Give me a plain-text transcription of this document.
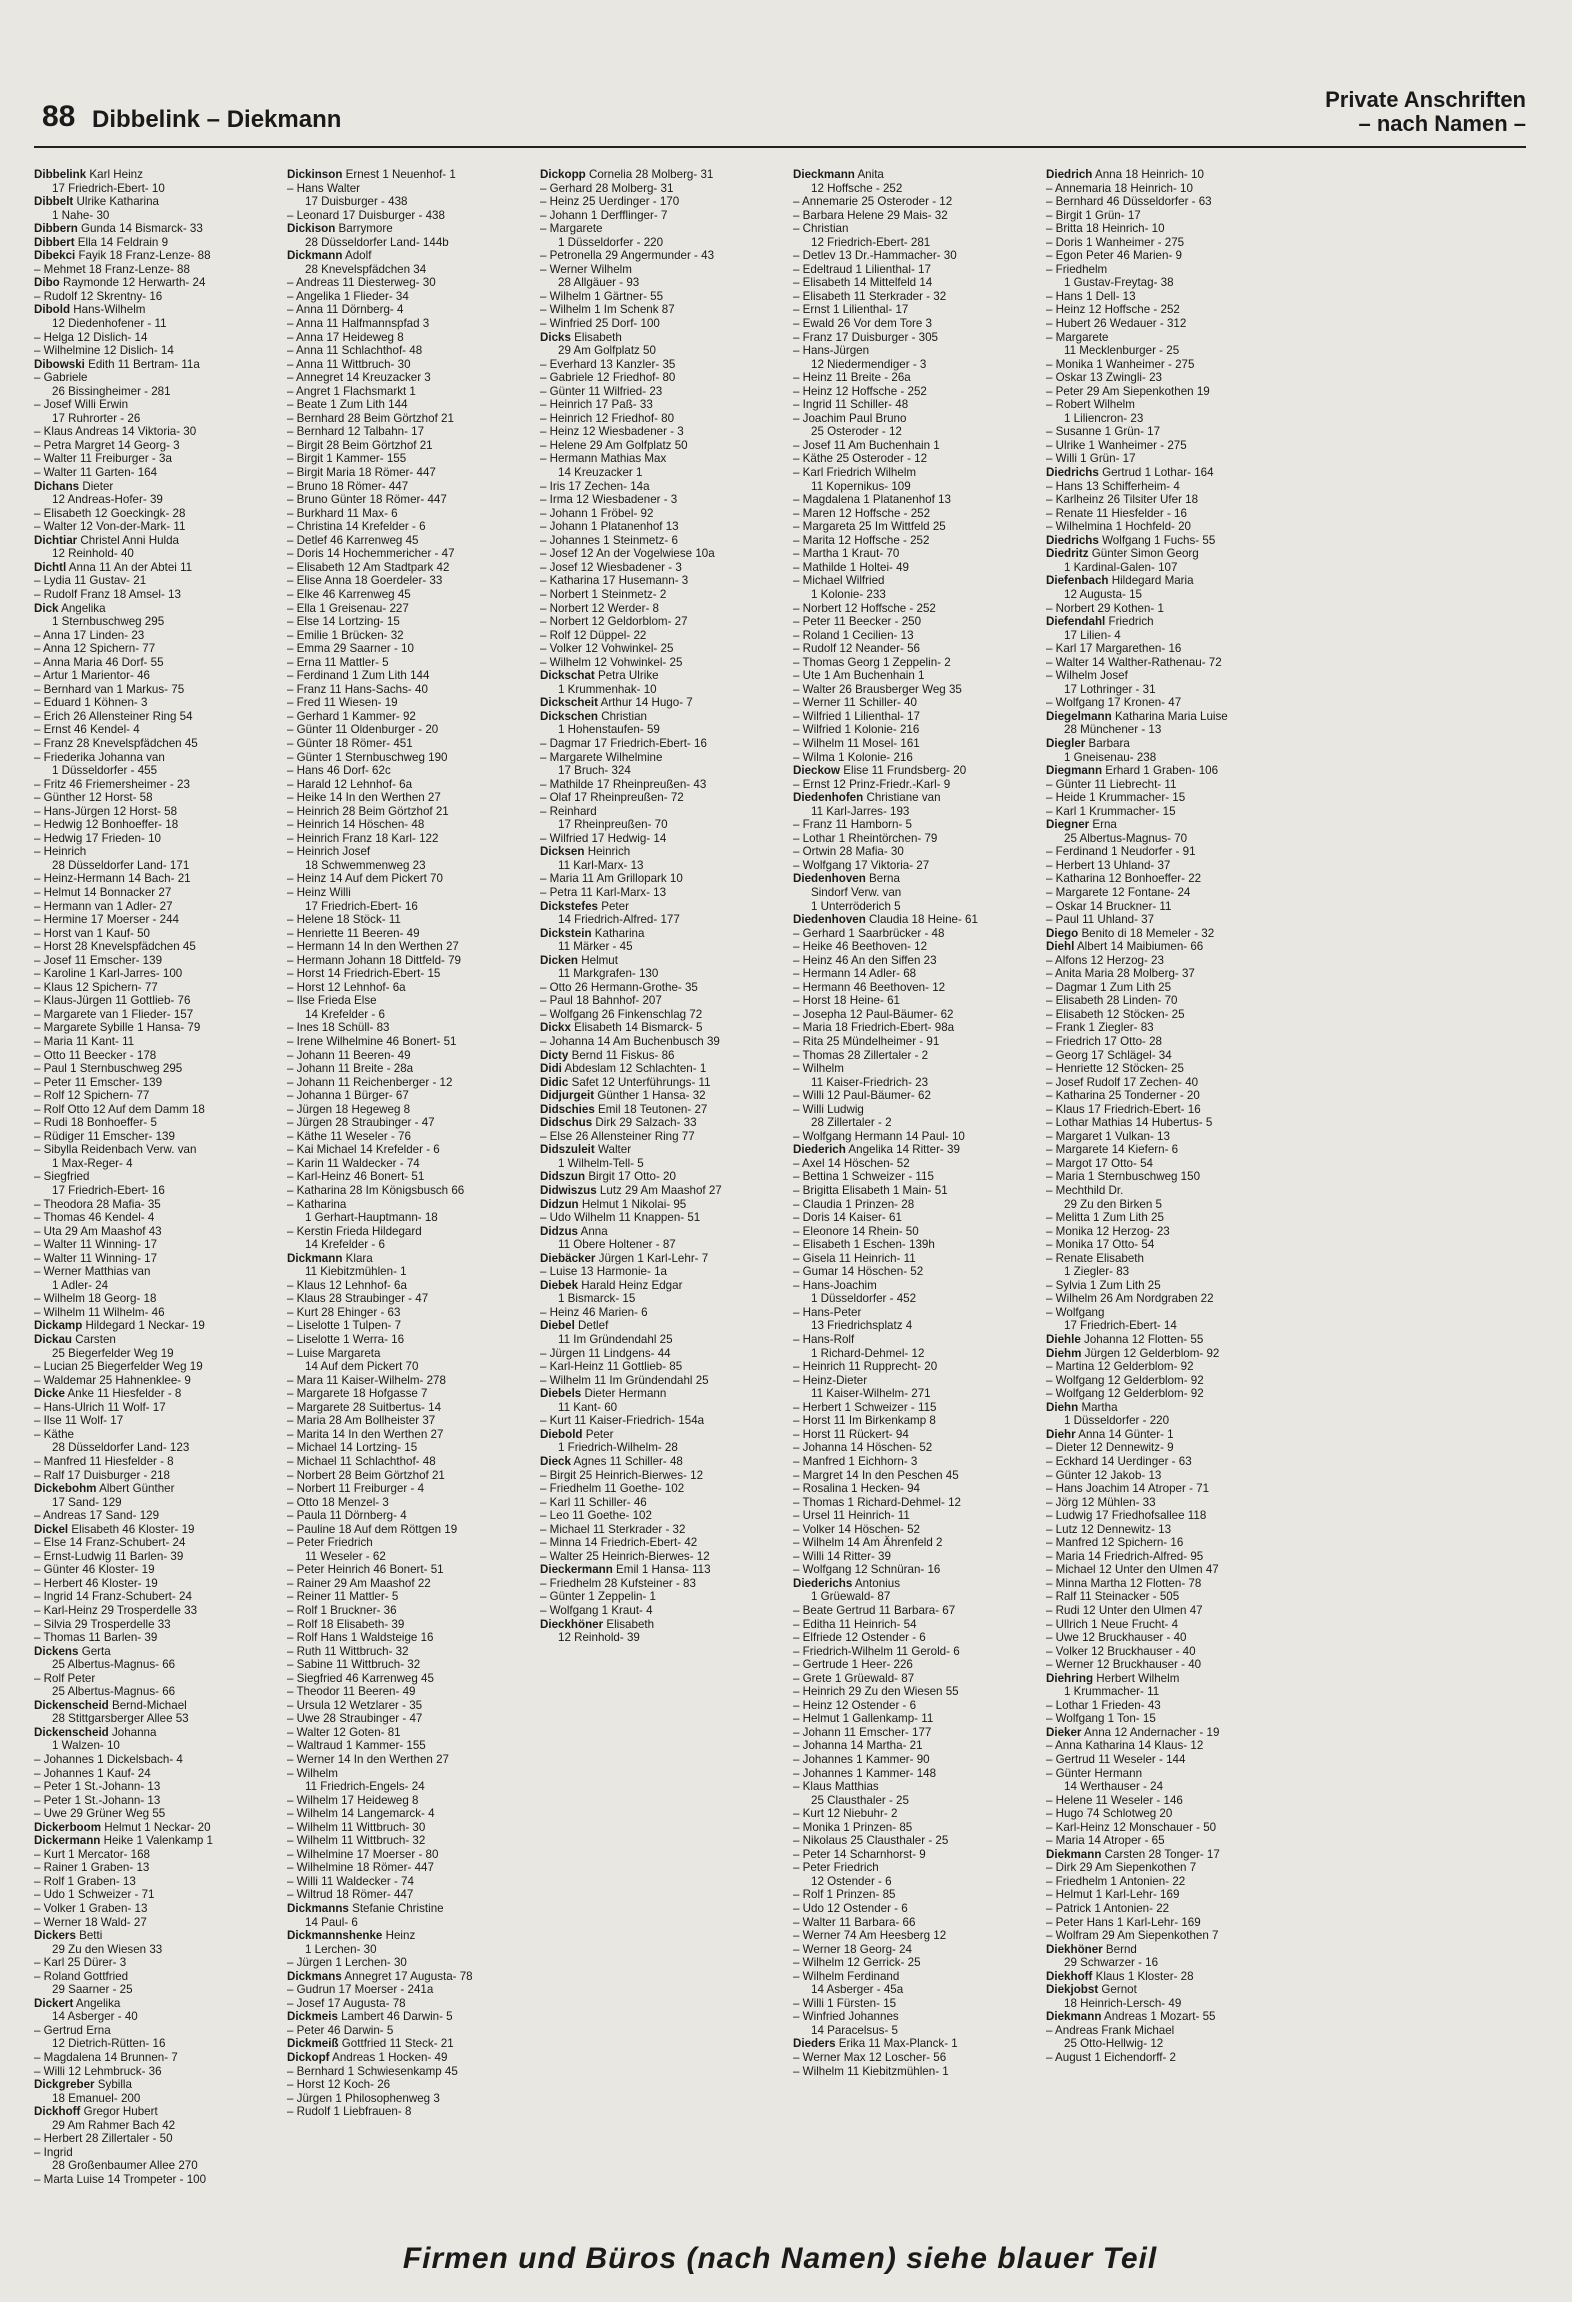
88 Dibbelink – Diekmann
Private Anschriften
– nach Namen –
Dibbelink Karl Heinz
17 Friedrich-Ebert- 10
Dibbelt Ulrike Katharina
1 Nahe- 30
Dibbern Gunda 14 Bismarck- 33
Dibbert Ella 14 Feldrain 9
Dibekci Fayik 18 Franz-Lenze- 88
– Mehmet 18 Franz-Lenze- 88
Dibo Raymonde 12 Herwarth- 24
– Rudolf 12 Skrentny- 16
Dibold Hans-Wilhelm
12 Diedenhofener - 11
– Helga 12 Dislich- 14
– Wilhelmine 12 Dislich- 14
Dibowski Edith 11 Bertram- 11a
– Gabriele
26 Bissingheimer - 281
– Josef Willi Erwin
17 Ruhrorter - 26
– Klaus Andreas 14 Viktoria- 30
– Petra Margret 14 Georg- 3
– Walter 11 Freiburger - 3a
– Walter 11 Garten- 164
Dichans Dieter
12 Andreas-Hofer- 39
– Elisabeth 12 Goeckingk- 28
– Walter 12 Von-der-Mark- 11
Dichtiar Christel Anni Hulda
12 Reinhold- 40
Dichtl Anna 11 An der Abtei 11
– Lydia 11 Gustav- 21
– Rudolf Franz 18 Amsel- 13
Dick Angelika
1 Sternbuschweg 295
– Anna 17 Linden- 23
– Anna 12 Spichern- 77
– Anna Maria 46 Dorf- 55
– Artur 1 Marientor- 46
– Bernhard van 1 Markus- 75
– Eduard 1 Köhnen- 3
– Erich 26 Allensteiner Ring 54
– Ernst 46 Kendel- 4
– Franz 28 Knevelspfädchen 45
– Friederika Johanna van
1 Düsseldorfer - 455
– Fritz 46 Friemersheimer - 23
– Günther 12 Horst- 58
– Hans-Jürgen 12 Horst- 58
– Hedwig 12 Bonhoeffer- 18
– Hedwig 17 Frieden- 10
– Heinrich
28 Düsseldorfer Land- 171
– Heinz-Hermann 14 Bach- 21
– Helmut 14 Bonnacker 27
– Hermann van 1 Adler- 27
– Hermine 17 Moerser - 244
– Horst van 1 Kauf- 50
– Horst 28 Knevelspfädchen 45
– Josef 11 Emscher- 139
– Karoline 1 Karl-Jarres- 100
– Klaus 12 Spichern- 77
– Klaus-Jürgen 11 Gottlieb- 76
– Margarete van 1 Flieder- 157
– Margarete Sybille 1 Hansa- 79
– Maria 11 Kant- 11
– Otto 11 Beecker - 178
– Paul 1 Sternbuschweg 295
– Peter 11 Emscher- 139
– Rolf 12 Spichern- 77
– Rolf Otto 12 Auf dem Damm 18
– Rudi 18 Bonhoeffer- 5
– Rüdiger 11 Emscher- 139
– Sibylla Reidenbach Verw. van
1 Max-Reger- 4
– Siegfried
17 Friedrich-Ebert- 16
– Theodora 28 Mafia- 35
– Thomas 46 Kendel- 4
– Uta 29 Am Maashof 43
– Walter 11 Winning- 17
– Walter 11 Winning- 17
– Werner Matthias van
1 Adler- 24
– Wilhelm 18 Georg- 18
– Wilhelm 11 Wilhelm- 46
Dickamp Hildegard 1 Neckar- 19
Dickau Carsten
25 Biegerfelder Weg 19
– Lucian 25 Biegerfelder Weg 19
– Waldemar 25 Hahnenklee- 9
Dicke Anke 11 Hiesfelder - 8
– Hans-Ulrich 11 Wolf- 17
– Ilse 11 Wolf- 17
– Käthe
28 Düsseldorfer Land- 123
– Manfred 11 Hiesfelder - 8
– Ralf 17 Duisburger - 218
Dickebohm Albert Günther
17 Sand- 129
– Andreas 17 Sand- 129
Dickel Elisabeth 46 Kloster- 19
– Else 14 Franz-Schubert- 24
– Ernst-Ludwig 11 Barlen- 39
– Günter 46 Kloster- 19
– Herbert 46 Kloster- 19
– Ingrid 14 Franz-Schubert- 24
– Karl-Heinz 29 Trosperdelle 33
– Silvia 29 Trosperdelle 33
– Thomas 11 Barlen- 39
Dickens Gerta
25 Albertus-Magnus- 66
– Rolf Peter
25 Albertus-Magnus- 66
Dickenscheid Bernd-Michael
28 Stittgarsberger Allee 53
Dickenscheid Johanna
1 Walzen- 10
– Johannes 1 Dickelsbach- 4
– Johannes 1 Kauf- 24
– Peter 1 St.-Johann- 13
– Peter 1 St.-Johann- 13
– Uwe 29 Grüner Weg 55
Dickerboom Helmut 1 Neckar- 20
Dickermann Heike 1 Valenkamp 1
– Kurt 1 Mercator- 168
– Rainer 1 Graben- 13
– Rolf 1 Graben- 13
– Udo 1 Schweizer - 71
– Volker 1 Graben- 13
– Werner 18 Wald- 27
Dickers Betti
29 Zu den Wiesen 33
– Karl 25 Dürer- 3
– Roland Gottfried
29 Saarner - 25
Dickert Angelika
14 Asberger - 40
– Gertrud Erna
12 Dietrich-Rütten- 16
– Magdalena 14 Brunnen- 7
– Willi 12 Lehmbruck- 36
Dickgreber Sybilla
18 Emanuel- 200
Dickhoff Gregor Hubert
29 Am Rahmer Bach 42
– Herbert 28 Zillertaler - 50
– Ingrid
28 Großenbaumer Allee 270
– Marta Luise 14 Trompeter - 100
Dickinson Ernest 1 Neuenhof- 1
– Hans Walter
17 Duisburger - 438
– Leonard 17 Duisburger - 438
Dickison Barrymore
28 Düsseldorfer Land- 144b
Dickmann Adolf
28 Knevelspfädchen 34
– Andreas 11 Diesterweg- 30
– Angelika 1 Flieder- 34
– Anna 11 Dörnberg- 4
– Anna 11 Halfmannspfad 3
– Anna 17 Heideweg 8
– Anna 11 Schlachthof- 48
– Anna 11 Wittbruch- 30
– Annegret 14 Kreuzacker 3
– Angret 1 Flachsmarkt 1
– Beate 1 Zum Lith 144
– Bernhard 28 Beim Görtzhof 21
– Bernhard 12 Talbahn- 17
– Birgit 28 Beim Görtzhof 21
– Birgit 1 Kammer- 155
– Birgit Maria 18 Römer- 447
– Bruno 18 Römer- 447
– Bruno Günter 18 Römer- 447
– Burkhard 11 Max- 6
– Christina 14 Krefelder - 6
– Detlef 46 Karrenweg 45
– Doris 14 Hochemmericher - 47
– Elisabeth 12 Am Stadtpark 42
– Elise Anna 18 Goerdeler- 33
– Elke 46 Karrenweg 45
– Ella 1 Greisenau- 227
– Else 14 Lortzing- 15
– Emilie 1 Brücken- 32
– Emma 29 Saarner - 10
– Erna 11 Mattler- 5
– Ferdinand 1 Zum Lith 144
– Franz 11 Hans-Sachs- 40
– Fred 11 Wiesen- 19
– Gerhard 1 Kammer- 92
– Günter 11 Oldenburger - 20
– Günter 18 Römer- 451
– Günter 1 Sternbuschweg 190
– Hans 46 Dorf- 62c
– Harald 12 Lehnhof- 6a
– Heike 14 In den Werthen 27
– Heinrich 28 Beim Görtzhof 21
– Heinrich 14 Höschen- 48
– Heinrich Franz 18 Karl- 122
– Heinrich Josef
18 Schwemmenweg 23
– Heinz 14 Auf dem Pickert 70
– Heinz Willi
17 Friedrich-Ebert- 16
– Helene 18 Stöck- 11
– Henriette 11 Beeren- 49
– Hermann 14 In den Werthen 27
– Hermann Johann 18 Dittfeld- 79
– Horst 14 Friedrich-Ebert- 15
– Horst 12 Lehnhof- 6a
– Ilse Frieda Else
14 Krefelder - 6
– Ines 18 Schüll- 83
– Irene Wilhelmine 46 Bonert- 51
– Johann 11 Beeren- 49
– Johann 11 Breite - 28a
– Johann 11 Reichenberger - 12
– Johanna 1 Bürger- 67
– Jürgen 18 Hegeweg 8
– Jürgen 28 Straubinger - 47
– Käthe 11 Weseler - 76
– Kai Michael 14 Krefelder - 6
– Karin 11 Waldecker - 74
– Karl-Heinz 46 Bonert- 51
– Katharina 28 Im Königsbusch 66
– Katharina
1 Gerhart-Hauptmann- 18
– Kerstin Frieda Hildegard
14 Krefelder - 6
Dickmann Klara
11 Kiebitzmühlen- 1
– Klaus 12 Lehnhof- 6a
– Klaus 28 Straubinger - 47
– Kurt 28 Ehinger - 63
– Liselotte 1 Tulpen- 7
– Liselotte 1 Werra- 16
– Luise Margareta
14 Auf dem Pickert 70
– Mara 11 Kaiser-Wilhelm- 278
– Margarete 18 Hofgasse 7
– Margarete 28 Suitbertus- 14
– Maria 28 Am Bollheister 37
– Marita 14 In den Werthen 27
– Michael 14 Lortzing- 15
– Michael 11 Schlachthof- 48
– Norbert 28 Beim Görtzhof 21
– Norbert 11 Freiburger - 4
– Otto 18 Menzel- 3
– Paula 11 Dörnberg- 4
– Pauline 18 Auf dem Röttgen 19
– Peter Friedrich
11 Weseler - 62
– Peter Heinrich 46 Bonert- 51
– Rainer 29 Am Maashof 22
– Reiner 11 Mattler- 5
– Rolf 1 Bruckner- 36
– Rolf 18 Elisabeth- 39
– Rolf Hans 1 Waldsteige 16
– Ruth 11 Wittbruch- 32
– Sabine 11 Wittbruch- 32
– Siegfried 46 Karrenweg 45
– Theodor 11 Beeren- 49
– Ursula 12 Wetzlarer - 35
– Uwe 28 Straubinger - 47
– Walter 12 Goten- 81
– Waltraud 1 Kammer- 155
– Werner 14 In den Werthen 27
– Wilhelm
11 Friedrich-Engels- 24
– Wilhelm 17 Heideweg 8
– Wilhelm 14 Langemarck- 4
– Wilhelm 11 Wittbruch- 30
– Wilhelm 11 Wittbruch- 32
– Wilhelmine 17 Moerser - 80
– Wilhelmine 18 Römer- 447
– Willi 11 Waldecker - 74
– Wiltrud 18 Römer- 447
Dickmanns Stefanie Christine
14 Paul- 6
Dickmannshenke Heinz
1 Lerchen- 30
– Jürgen 1 Lerchen- 30
Dickmans Annegret 17 Augusta- 78
– Gudrun 17 Moerser - 241a
– Josef 17 Augusta- 78
Dickmeis Lambert 46 Darwin- 5
– Peter 46 Darwin- 5
Dickmeiß Gottfried 11 Steck- 21
Dickopf Andreas 1 Hocken- 49
– Bernhard 1 Schwiesenkamp 45
– Horst 12 Koch- 26
– Jürgen 1 Philosophenweg 3
– Rudolf 1 Liebfrauen- 8
Dickopp Cornelia 28 Molberg- 31
– Gerhard 28 Molberg- 31
– Heinz 25 Uerdinger - 170
– Johann 1 Derfflinger- 7
– Margarete
1 Düsseldorfer - 220
– Petronella 29 Angermunder - 43
– Werner Wilhelm
28 Allgäuer - 93
– Wilhelm 1 Gärtner- 55
– Wilhelm 1 Im Schenk 87
– Winfried 25 Dorf- 100
Dicks Elisabeth
29 Am Golfplatz 50
– Everhard 13 Kanzler- 35
– Gabriele 12 Friedhof- 80
– Günter 11 Wilfried- 23
– Heinrich 17 Paß- 33
– Heinrich 12 Friedhof- 80
– Heinz 12 Wiesbadener - 3
– Helene 29 Am Golfplatz 50
– Hermann Mathias Max
14 Kreuzacker 1
– Iris 17 Zechen- 14a
– Irma 12 Wiesbadener - 3
– Johann 1 Fröbel- 92
– Johann 1 Platanenhof 13
– Johannes 1 Steinmetz- 6
– Josef 12 An der Vogelwiese 10a
– Josef 12 Wiesbadener - 3
– Katharina 17 Husemann- 3
– Norbert 1 Steinmetz- 2
– Norbert 12 Werder- 8
– Norbert 12 Geldorblom- 27
– Rolf 12 Düppel- 22
– Volker 12 Vohwinkel- 25
– Wilhelm 12 Vohwinkel- 25
Dickschat Petra Ulrike
1 Krummenhak- 10
Dickscheit Arthur 14 Hugo- 7
Dickschen Christian
1 Hohenstaufen- 59
– Dagmar 17 Friedrich-Ebert- 16
– Margarete Wilhelmine
17 Bruch- 324
– Mathilde 17 Rheinpreußen- 43
– Olaf 17 Rheinpreußen- 72
– Reinhard
17 Rheinpreußen- 70
– Wilfried 17 Hedwig- 14
Dicksen Heinrich
11 Karl-Marx- 13
– Maria 11 Am Grillopark 10
– Petra 11 Karl-Marx- 13
Dickstefes Peter
14 Friedrich-Alfred- 177
Dickstein Katharina
11 Märker - 45
Dicken Helmut
11 Markgrafen- 130
– Otto 26 Hermann-Grothe- 35
– Paul 18 Bahnhof- 207
– Wolfgang 26 Finkenschlag 72
Dickx Elisabeth 14 Bismarck- 5
– Johanna 14 Am Buchenbusch 39
Dicty Bernd 11 Fiskus- 86
Didi Abdeslam 12 Schlachten- 1
Didic Safet 12 Unterführungs- 11
Didjurgeit Günther 1 Hansa- 32
Didschies Emil 18 Teutonen- 27
Didschus Dirk 29 Salzach- 33
– Else 26 Allensteiner Ring 77
Didszuleit Walter
1 Wilhelm-Tell- 5
Didszun Birgit 17 Otto- 20
Didwiszus Lutz 29 Am Maashof 27
Didzun Helmut 1 Nikolai- 95
– Udo Wilhelm 11 Knappen- 51
Didzus Anna
11 Obere Holtener - 87
Diebäcker Jürgen 1 Karl-Lehr- 7
– Luise 13 Harmonie- 1a
Diebek Harald Heinz Edgar
1 Bismarck- 15
– Heinz 46 Marien- 6
Diebel Detlef
11 Im Gründendahl 25
– Jürgen 11 Lindgens- 44
– Karl-Heinz 11 Gottlieb- 85
– Wilhelm 11 Im Gründendahl 25
Diebels Dieter Hermann
11 Kant- 60
– Kurt 11 Kaiser-Friedrich- 154a
Diebold Peter
1 Friedrich-Wilhelm- 28
Dieck Agnes 11 Schiller- 48
– Birgit 25 Heinrich-Bierwes- 12
– Friedhelm 11 Goethe- 102
– Karl 11 Schiller- 46
– Leo 11 Goethe- 102
– Michael 11 Sterkrader - 32
– Minna 14 Friedrich-Ebert- 42
– Walter 25 Heinrich-Bierwes- 12
Dieckermann Emil 1 Hansa- 113
– Friedhelm 28 Kufsteiner - 83
– Günter 1 Zeppelin- 1
– Wolfgang 1 Kraut- 4
Dieckhöner Elisabeth
12 Reinhold- 39
Dieckmann Anita
12 Hoffsche - 252
– Annemarie 25 Osteroder - 12
– Barbara Helene 29 Mais- 32
– Christian
12 Friedrich-Ebert- 281
– Detlev 13 Dr.-Hammacher- 30
– Edeltraud 1 Lilienthal- 17
– Elisabeth 14 Mittelfeld 14
– Elisabeth 11 Sterkrader - 32
– Ernst 1 Lilienthal- 17
– Ewald 26 Vor dem Tore 3
– Franz 17 Duisburger - 305
– Hans-Jürgen
12 Niedermendiger - 3
– Heinz 11 Breite - 26a
– Heinz 12 Hoffsche - 252
– Ingrid 11 Schiller- 48
– Joachim Paul Bruno
25 Osteroder - 12
– Josef 11 Am Buchenhain 1
– Käthe 25 Osteroder - 12
– Karl Friedrich Wilhelm
11 Kopernikus- 109
– Magdalena 1 Platanenhof 13
– Maren 12 Hoffsche - 252
– Margareta 25 Im Wittfeld 25
– Marita 12 Hoffsche - 252
– Martha 1 Kraut- 70
– Mathilde 1 Holtei- 49
– Michael Wilfried
1 Kolonie- 233
– Norbert 12 Hoffsche - 252
– Peter 11 Beecker - 250
– Roland 1 Cecilien- 13
– Rudolf 12 Neander- 56
– Thomas Georg 1 Zeppelin- 2
– Ute 1 Am Buchenhain 1
– Walter 26 Brausberger Weg 35
– Werner 11 Schiller- 40
– Wilfried 1 Lilienthal- 17
– Wilfried 1 Kolonie- 216
– Wilhelm 11 Mosel- 161
– Wilma 1 Kolonie- 216
Dieckow Elise 11 Frundsberg- 20
– Ernst 12 Prinz-Friedr.-Karl- 9
Diedenhofen Christiane van
11 Karl-Jarres- 193
– Franz 11 Hamborn- 5
– Lothar 1 Rheintörchen- 79
– Ortwin 28 Mafia- 30
– Wolfgang 17 Viktoria- 27
Diedenhoven Berna
Sindorf Verw. van
1 Unterröderich 5
Diedenhoven Claudia 18 Heine- 61
– Gerhard 1 Saarbrücker - 48
– Heike 46 Beethoven- 12
– Heinz 46 An den Siffen 23
– Hermann 14 Adler- 68
– Hermann 46 Beethoven- 12
– Horst 18 Heine- 61
– Josepha 12 Paul-Bäumer- 62
– Maria 18 Friedrich-Ebert- 98a
– Rita 25 Mündelheimer - 91
– Thomas 28 Zillertaler - 2
– Wilhelm
11 Kaiser-Friedrich- 23
– Willi 12 Paul-Bäumer- 62
– Willi Ludwig
28 Zillertaler - 2
– Wolfgang Hermann 14 Paul- 10
Diederich Angelika 14 Ritter- 39
– Axel 14 Höschen- 52
– Bettina 1 Schweizer - 115
– Brigitta Elisabeth 1 Main- 51
– Claudia 1 Prinzen- 28
– Doris 14 Kaiser- 61
– Eleonore 14 Rhein- 50
– Elisabeth 1 Eschen- 139h
– Gisela 11 Heinrich- 11
– Gumar 14 Höschen- 52
– Hans-Joachim
1 Düsseldorfer - 452
– Hans-Peter
13 Friedrichsplatz 4
– Hans-Rolf
1 Richard-Dehmel- 12
– Heinrich 11 Rupprecht- 20
– Heinz-Dieter
11 Kaiser-Wilhelm- 271
– Herbert 1 Schweizer - 115
– Horst 11 Im Birkenkamp 8
– Horst 11 Rückert- 94
– Johanna 14 Höschen- 52
– Manfred 1 Eichhorn- 3
– Margret 14 In den Peschen 45
– Rosalina 1 Hecken- 94
– Thomas 1 Richard-Dehmel- 12
– Ursel 11 Heinrich- 11
– Volker 14 Höschen- 52
– Wilhelm 14 Am Ährenfeld 2
– Willi 14 Ritter- 39
– Wolfgang 12 Schnüran- 16
Diederichs Antonius
1 Grüewald- 87
– Beate Gertrud 11 Barbara- 67
– Editha 11 Heinrich- 54
– Elfriede 12 Ostender - 6
– Friedrich-Wilhelm 11 Gerold- 6
– Gertrude 1 Heer- 226
– Grete 1 Grüewald- 87
– Heinrich 29 Zu den Wiesen 55
– Heinz 12 Ostender - 6
– Helmut 1 Gallenkamp- 11
– Johann 11 Emscher- 177
– Johanna 14 Martha- 21
– Johannes 1 Kammer- 90
– Johannes 1 Kammer- 148
– Klaus Matthias
25 Clausthaler - 25
– Kurt 12 Niebuhr- 2
– Monika 1 Prinzen- 85
– Nikolaus 25 Clausthaler - 25
– Peter 14 Scharnhorst- 9
– Peter Friedrich
12 Ostender - 6
– Rolf 1 Prinzen- 85
– Udo 12 Ostender - 6
– Walter 11 Barbara- 66
– Werner 74 Am Heesberg 12
– Werner 18 Georg- 24
– Wilhelm 12 Gerrick- 25
– Wilhelm Ferdinand
14 Asberger - 45a
– Willi 1 Fürsten- 15
– Winfried Johannes
14 Paracelsus- 5
Dieders Erika 11 Max-Planck- 1
– Werner Max 12 Loscher- 56
– Wilhelm 11 Kiebitzmühlen- 1
Diedrich Anna 18 Heinrich- 10
– Annemaria 18 Heinrich- 10
– Bernhard 46 Düsseldorfer - 63
– Birgit 1 Grün- 17
– Britta 18 Heinrich- 10
– Doris 1 Wanheimer - 275
– Egon Peter 46 Marien- 9
– Friedhelm
1 Gustav-Freytag- 38
– Hans 1 Dell- 13
– Heinz 12 Hoffsche - 252
– Hubert 26 Wedauer - 312
– Margarete
11 Mecklenburger - 25
– Monika 1 Wanheimer - 275
– Oskar 13 Zwingli- 23
– Peter 29 Am Siepenkothen 19
– Robert Wilhelm
1 Liliencron- 23
– Susanne 1 Grün- 17
– Ulrike 1 Wanheimer - 275
– Willi 1 Grün- 17
Diedrichs Gertrud 1 Lothar- 164
– Hans 13 Schifferheim- 4
– Karlheinz 26 Tilsiter Ufer 18
– Renate 11 Hiesfelder - 16
– Wilhelmina 1 Hochfeld- 20
Diedrichs Wolfgang 1 Fuchs- 55
Diedritz Günter Simon Georg
1 Kardinal-Galen- 107
Diefenbach Hildegard Maria
12 Augusta- 15
– Norbert 29 Kothen- 1
Diefendahl Friedrich
17 Lilien- 4
– Karl 17 Margarethen- 16
– Walter 14 Walther-Rathenau- 72
– Wilhelm Josef
17 Lothringer - 31
– Wolfgang 17 Kronen- 47
Diegelmann Katharina Maria Luise
28 Münchener - 13
Diegler Barbara
1 Gneisenau- 238
Diegmann Erhard 1 Graben- 106
– Günter 11 Liebrecht- 11
– Heide 1 Krummacher- 15
– Karl 1 Krummacher- 15
Diegner Erna
25 Albertus-Magnus- 70
– Ferdinand 1 Neudorfer - 91
– Herbert 13 Uhland- 37
– Katharina 12 Bonhoeffer- 22
– Margarete 12 Fontane- 24
– Oskar 14 Bruckner- 11
– Paul 11 Uhland- 37
Diego Benito di 18 Memeler - 32
Diehl Albert 14 Maibiumen- 66
– Alfons 12 Herzog- 23
– Anita Maria 28 Molberg- 37
– Dagmar 1 Zum Lith 25
– Elisabeth 28 Linden- 70
– Elisabeth 12 Stöcken- 25
– Frank 1 Ziegler- 83
– Friedrich 17 Otto- 28
– Georg 17 Schlägel- 34
– Henriette 12 Stöcken- 25
– Josef Rudolf 17 Zechen- 40
– Katharina 25 Tonderner - 20
– Klaus 17 Friedrich-Ebert- 16
– Lothar Mathias 14 Hubertus- 5
– Margaret 1 Vulkan- 13
– Margarete 14 Kiefern- 6
– Margot 17 Otto- 54
– Maria 1 Sternbuschweg 150
– Mechthild Dr.
29 Zu den Birken 5
– Melitta 1 Zum Lith 25
– Monika 12 Herzog- 23
– Monika 17 Otto- 54
– Renate Elisabeth
1 Ziegler- 83
– Sylvia 1 Zum Lith 25
– Wilhelm 26 Am Nordgraben 22
– Wolfgang
17 Friedrich-Ebert- 14
Diehle Johanna 12 Flotten- 55
Diehm Jürgen 12 Gelderblom- 92
– Martina 12 Gelderblom- 92
– Wolfgang 12 Gelderblom- 92
– Wolfgang 12 Gelderblom- 92
Diehn Martha
1 Düsseldorfer - 220
Diehr Anna 14 Günter- 1
– Dieter 12 Dennewitz- 9
– Eckhard 14 Uerdinger - 63
– Günter 12 Jakob- 13
– Hans Joachim 14 Atroper - 71
– Jörg 12 Mühlen- 33
– Ludwig 17 Friedhofsallee 118
– Lutz 12 Dennewitz- 13
– Manfred 12 Spichern- 16
– Maria 14 Friedrich-Alfred- 95
– Michael 12 Unter den Ulmen 47
– Minna Martha 12 Flotten- 78
– Ralf 11 Steinacker - 505
– Rudi 12 Unter den Ulmen 47
– Ullrich 1 Neue Frucht- 4
– Uwe 12 Bruckhauser - 40
– Volker 12 Bruckhauser - 40
– Werner 12 Bruckhauser - 40
Diehring Herbert Wilhelm
1 Krummacher- 11
– Lothar 1 Frieden- 43
– Wolfgang 1 Ton- 15
Dieker Anna 12 Andernacher - 19
– Anna Katharina 14 Klaus- 12
– Gertrud 11 Weseler - 144
– Günter Hermann
14 Werthauser - 24
– Helene 11 Weseler - 146
– Hugo 74 Schlotweg 20
– Karl-Heinz 12 Monschauer - 50
– Maria 14 Atroper - 65
Diekmann Carsten 28 Tonger- 17
– Dirk 29 Am Siepenkothen 7
– Friedhelm 1 Antonien- 22
– Helmut 1 Karl-Lehr- 169
– Patrick 1 Antonien- 22
– Peter Hans 1 Karl-Lehr- 169
– Wolfram 29 Am Siepenkothen 7
Diekhöner Bernd
29 Schwarzer - 16
Diekhoff Klaus 1 Kloster- 28
Diekjobst Gernot
18 Heinrich-Lersch- 49
Diekmann Andreas 1 Mozart- 55
– Andreas Frank Michael
25 Otto-Hellwig- 12
– August 1 Eichendorff- 2
Firmen und Büros (nach Namen) siehe blauer Teil
